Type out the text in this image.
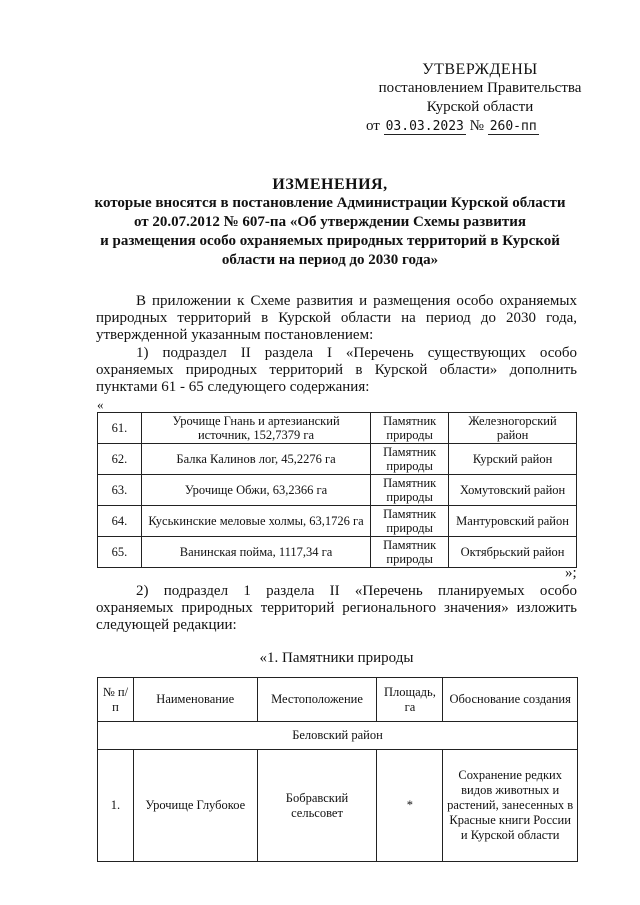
УТВЕРЖДЕНЫ
постановлением Правительства
Курской области
от 03.03.2023 № 260-пп
ИЗМЕНЕНИЯ,
которые вносятся в постановление Администрации Курской области
от 20.07.2012 № 607-па «Об утверждении Схемы развития
и размещения особо охраняемых природных территорий в Курской
области на период до 2030 года»
В приложении к Схеме развития и размещения особо охраняемых природных территорий в Курской области на период до 2030 года, утвержденной указанным постановлением:
1) подраздел II раздела I «Перечень существующих особо охраняемых природных территорий в Курской области» дополнить пунктами 61 - 65 следующего содержания:
«
61.	Урочище Гнань и артезианский источник, 152,7379 га	Памятник природы	Железногорский район
62.	Балка Калинов лог, 45,2276 га	Памятник природы	Курский район
63.	Урочище Обжи, 63,2366 га	Памятник природы	Хомутовский район
64.	Куськинские меловые холмы, 63,1726 га	Памятник природы	Мантуровский район
65.	Ванинская пойма, 1117,34 га	Памятник природы	Октябрьский район
»;
2) подраздел 1 раздела II «Перечень планируемых особо охраняемых природных территорий регионального значения» изложить следующей редакции:
«1. Памятники природы
№ п/п	Наименование	Местоположение	Площадь, га	Обоснование создания
Беловский район				
1.	Урочище Глубокое	Бобравский сельсовет	*	Сохранение редких видов животных и растений, занесенных в Красные книги России и Курской области
